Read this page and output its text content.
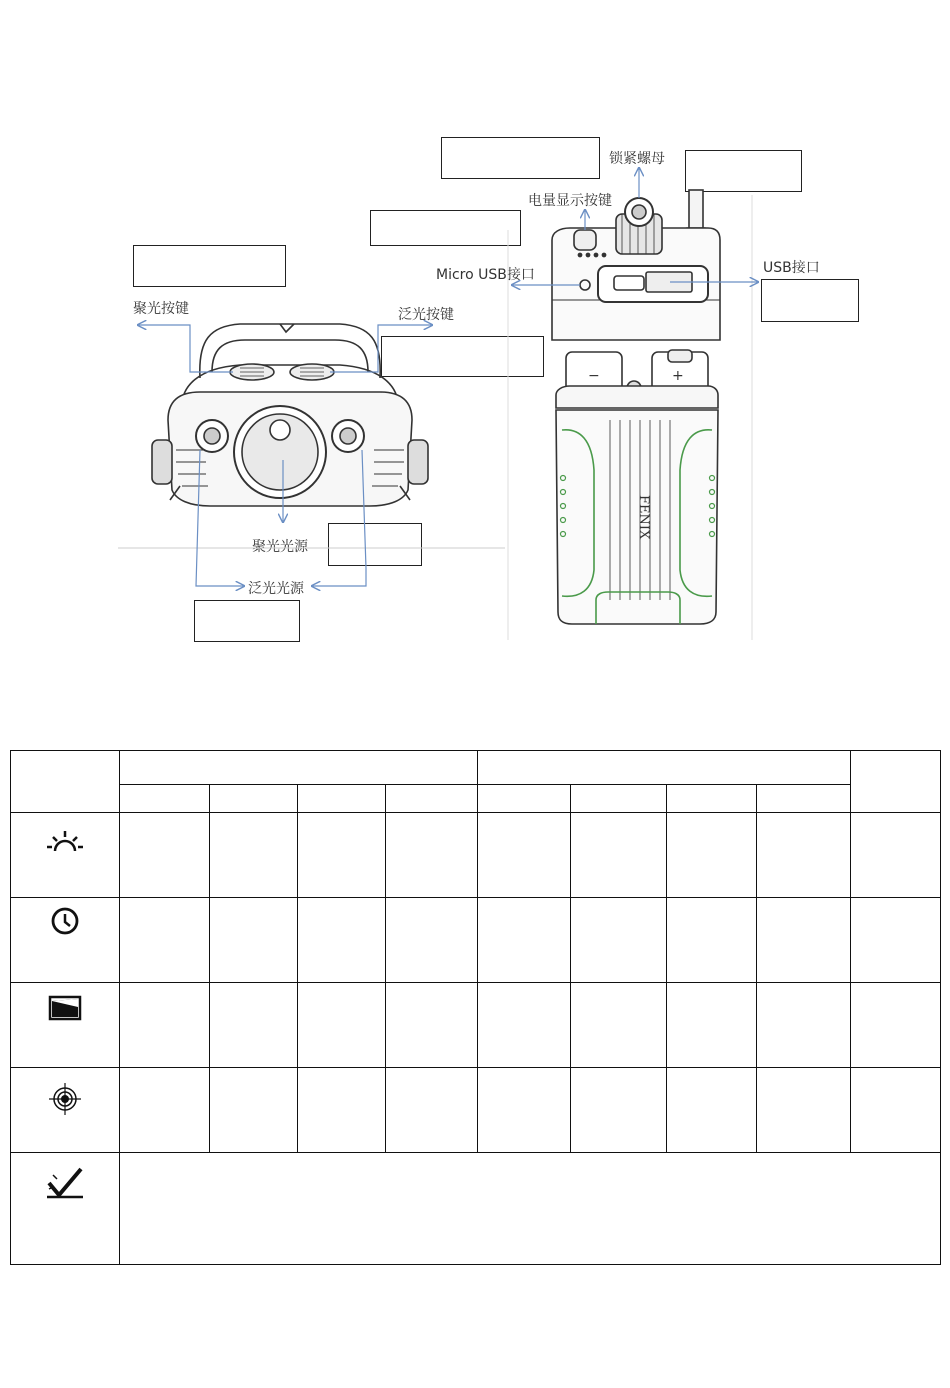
锁紧螺母
电量显示按键
Micro USB接口	USB接口
聚光按键	泛光按键
聚光光源
泛光光源
FENIX
−	+
